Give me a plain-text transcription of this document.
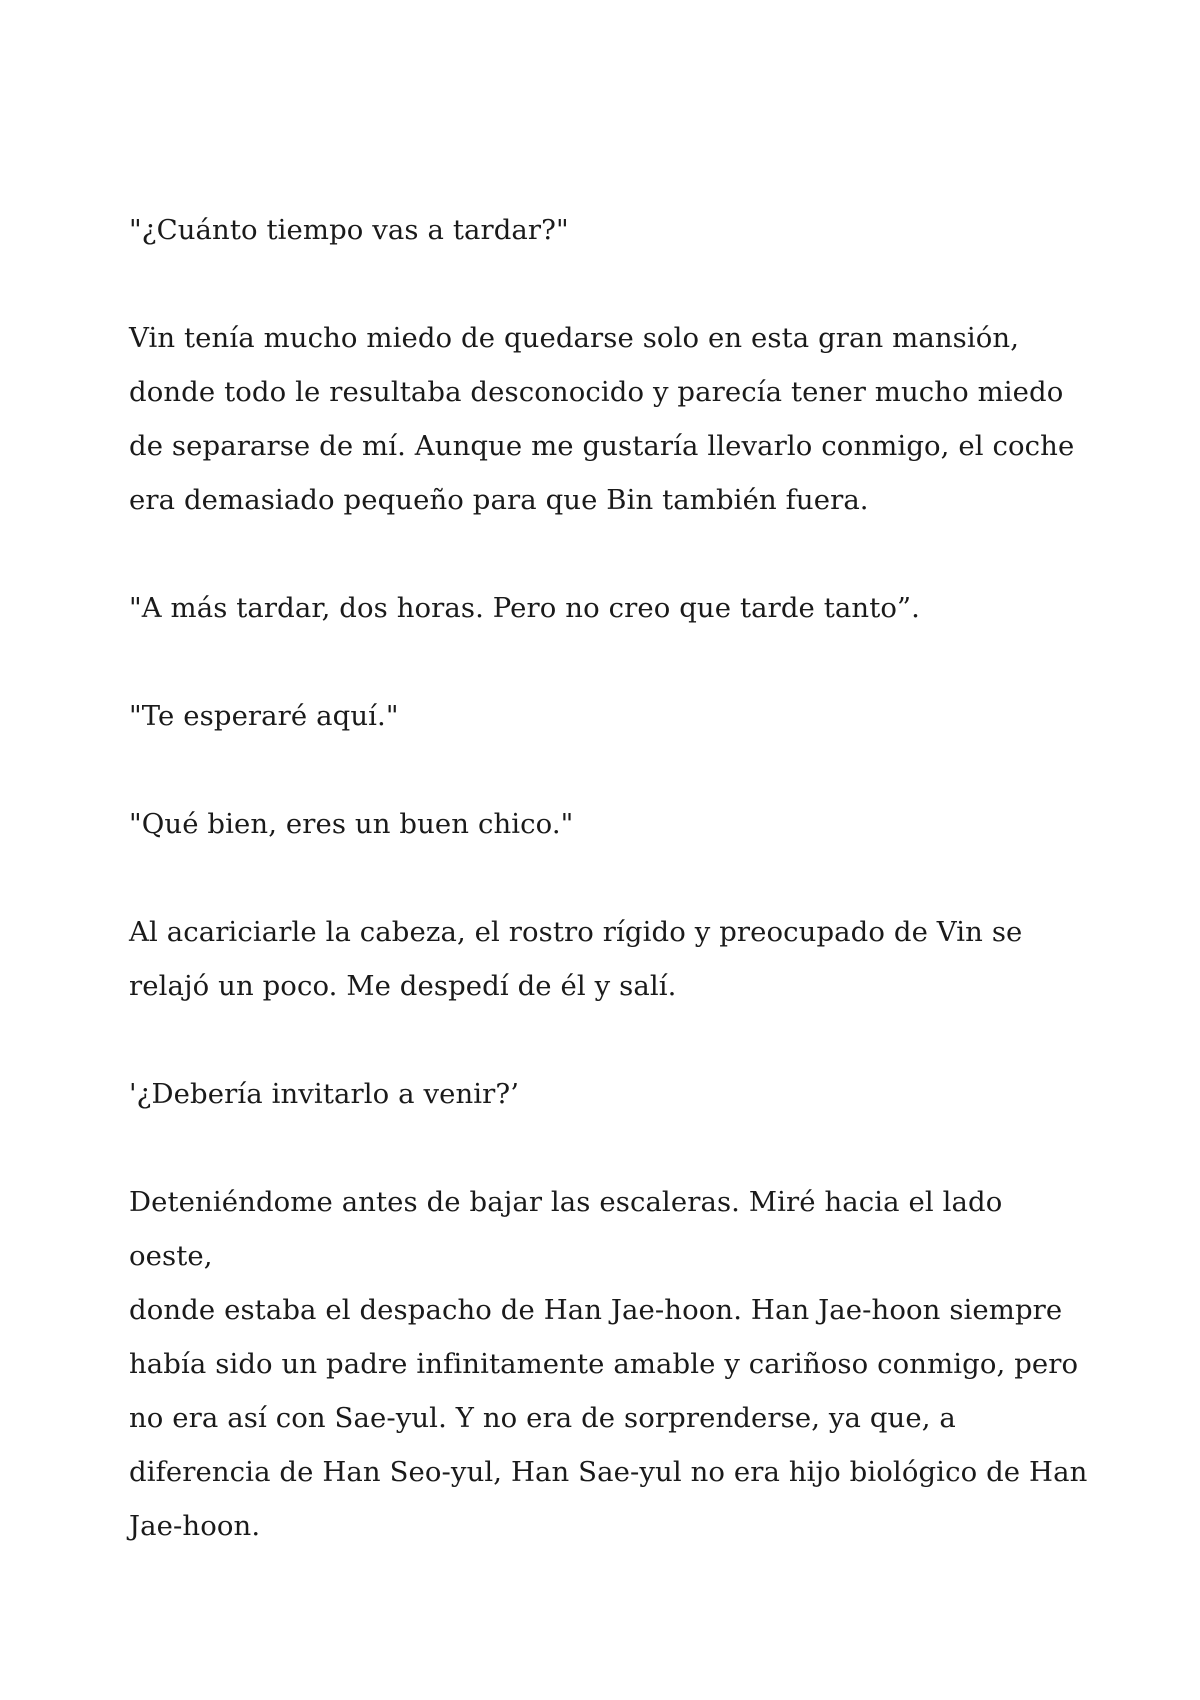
"¿Cuánto tiempo vas a tardar?"

Vin tenía mucho miedo de quedarse solo en esta gran mansión,
donde todo le resultaba desconocido y parecía tener mucho miedo
de separarse de mí. Aunque me gustaría llevarlo conmigo, el coche
era demasiado pequeño para que Bin también fuera.

"A más tardar, dos horas. Pero no creo que tarde tanto”.

"Te esperaré aquí."

"Qué bien, eres un buen chico."

Al acariciarle la cabeza, el rostro rígido y preocupado de Vin se
relajó un poco. Me despedí de él y salí.

'¿Debería invitarlo a venir?’

Deteniéndome antes de bajar las escaleras. Miré hacia el lado oeste,
donde estaba el despacho de Han Jae-hoon. Han Jae-hoon siempre
había sido un padre infinitamente amable y cariñoso conmigo, pero
no era así con Sae-yul. Y no era de sorprenderse, ya que, a
diferencia de Han Seo-yul, Han Sae-yul no era hijo biológico de Han
Jae-hoon.
